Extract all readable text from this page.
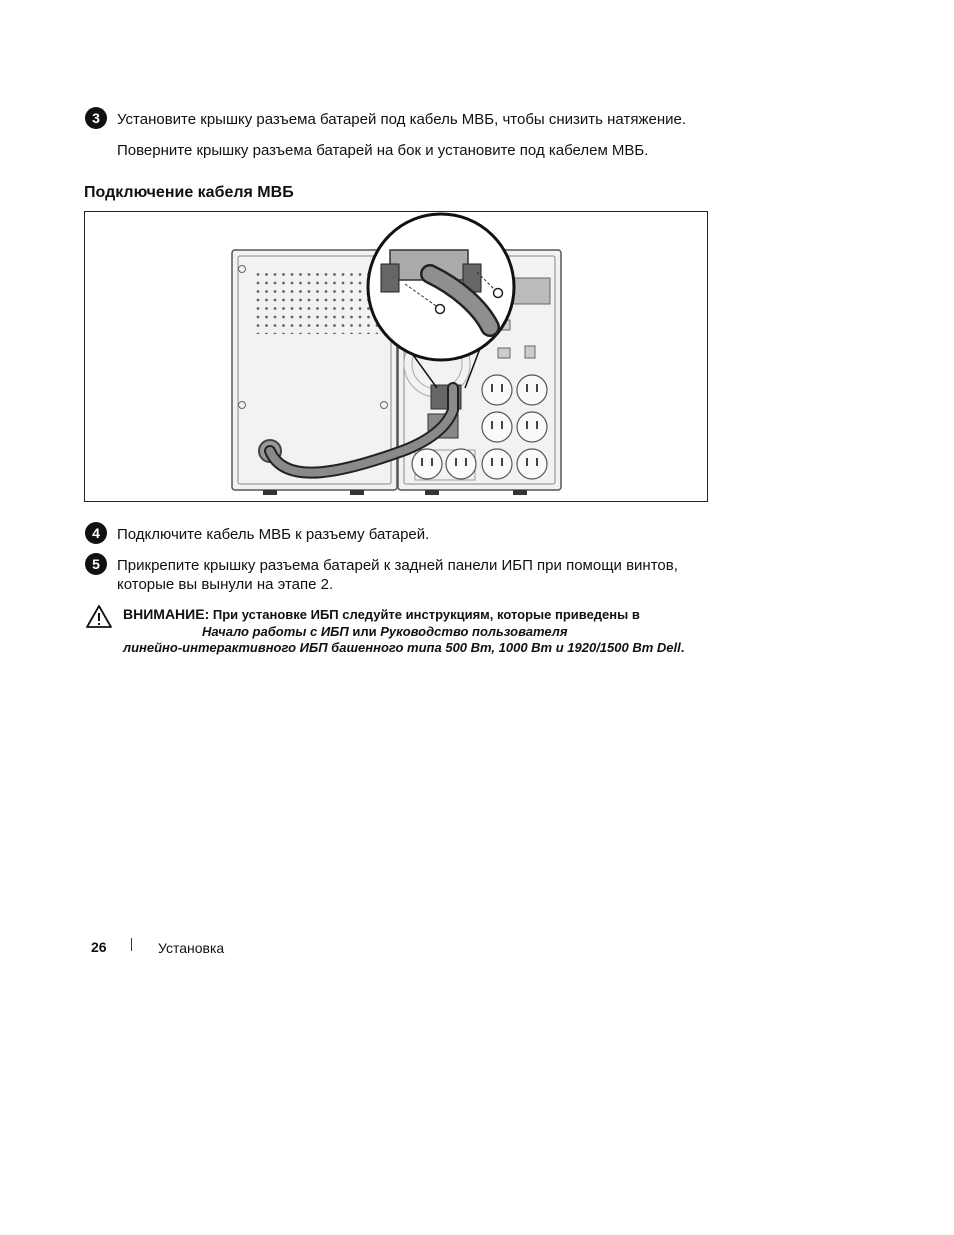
3	Установите крышку разъема батарей под кабель МВБ, чтобы снизить натяжение.
Поверните крышку разъема батарей на бок и установите под кабелем МВБ.
Подключение кабеля МВБ
4	Подключите кабель МВБ к разъему батарей.
5	Прикрепите крышку разъема батарей к задней панели ИБП при помощи винтов,
которые вы вынули на этапе 2.
ВНИМАНИЕ: При установке ИБП следуйте инструкциям, которые приведены в
Начало работы с ИБП или Руководство пользователя
линейно-интерактивного ИБП башенного типа 500 Вт, 1000 Вт и 1920/1500 Вт Dell.
26	Установка
